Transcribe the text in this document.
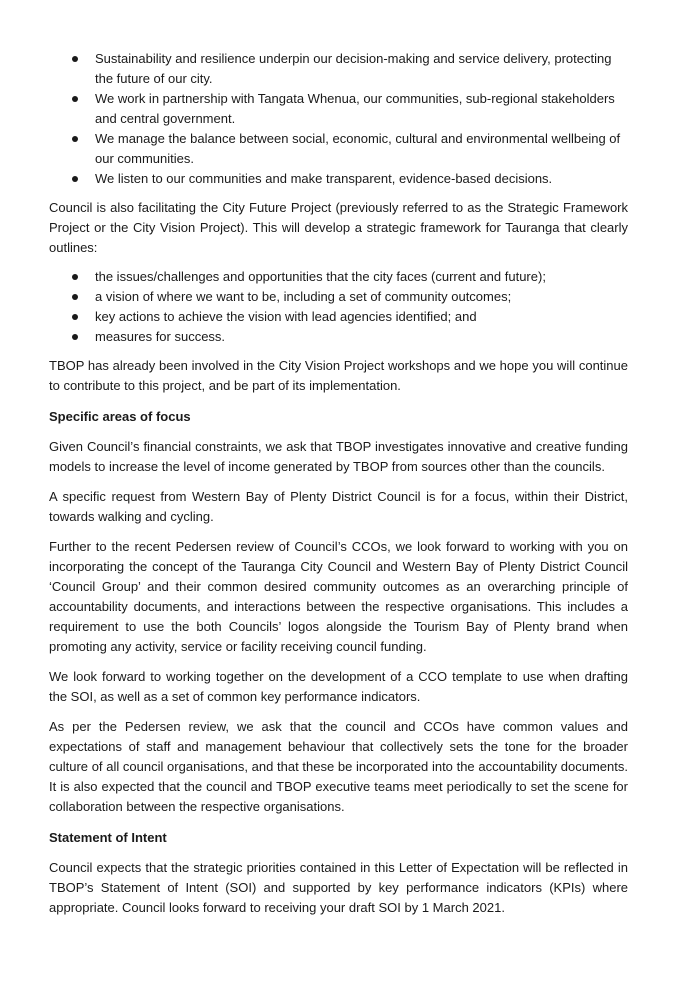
Sustainability and resilience underpin our decision-making and service delivery, protecting the future of our city.
We work in partnership with Tangata Whenua, our communities, sub-regional stakeholders and central government.
We manage the balance between social, economic, cultural and environmental wellbeing of our communities.
We listen to our communities and make transparent, evidence-based decisions.

Council is also facilitating the City Future Project (previously referred to as the Strategic Framework Project or the City Vision Project). This will develop a strategic framework for Tauranga that clearly outlines:

the issues/challenges and opportunities that the city faces (current and future);
a vision of where we want to be, including a set of community outcomes;
key actions to achieve the vision with lead agencies identified; and
measures for success.

TBOP has already been involved in the City Vision Project workshops and we hope you will continue to contribute to this project, and be part of its implementation.

Specific areas of focus

Given Council’s financial constraints, we ask that TBOP investigates innovative and creative funding models to increase the level of income generated by TBOP from sources other than the councils.

A specific request from Western Bay of Plenty District Council is for a focus, within their District, towards walking and cycling.

Further to the recent Pedersen review of Council’s CCOs, we look forward to working with you on incorporating the concept of the Tauranga City Council and Western Bay of Plenty District Council ‘Council Group’ and their common desired community outcomes as an overarching principle of accountability documents, and interactions between the respective organisations. This includes a requirement to use the both Councils’ logos alongside the Tourism Bay of Plenty brand when promoting any activity, service or facility receiving council funding.

We look forward to working together on the development of a CCO template to use when drafting the SOI, as well as a set of common key performance indicators.

As per the Pedersen review, we ask that the council and CCOs have common values and expectations of staff and management behaviour that collectively sets the tone for the broader culture of all council organisations, and that these be incorporated into the accountability documents. It is also expected that the council and TBOP executive teams meet periodically to set the scene for collaboration between the respective organisations.

Statement of Intent

Council expects that the strategic priorities contained in this Letter of Expectation will be reflected in TBOP’s Statement of Intent (SOI) and supported by key performance indicators (KPIs) where appropriate. Council looks forward to receiving your draft SOI by 1 March 2021.
